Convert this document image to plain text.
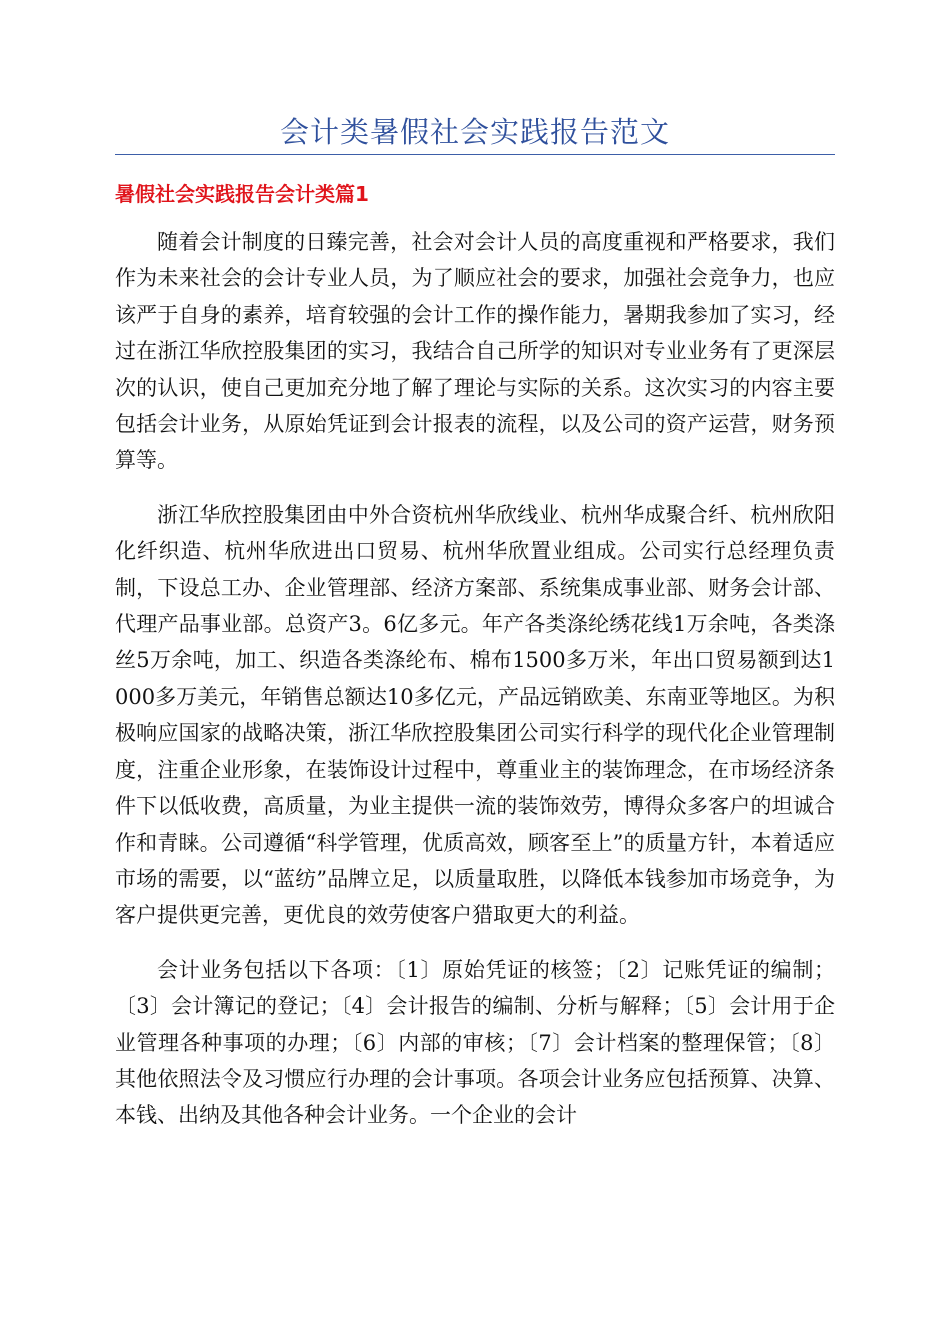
会计类暑假社会实践报告范文
暑假社会实践报告会计类篇1

随着会计制度的日臻完善，社会对会计人员的高度重视和严格要求，我们作为未来社会的会计专业人员，为了顺应社会的要求，加强社会竞争力，也应该严于自身的素养，培育较强的会计工作的操作能力，暑期我参加了实习，经过在浙江华欣控股集团的实习，我结合自己所学的知识对专业业务有了更深层次的认识，使自己更加充分地了解了理论与实际的关系。这次实习的内容主要包括会计业务，从原始凭证到会计报表的流程，以及公司的资产运营，财务预算等。

浙江华欣控股集团由中外合资杭州华欣线业、杭州华成聚合纤、杭州欣阳化纤织造、杭州华欣进出口贸易、杭州华欣置业组成。公司实行总经理负责制，下设总工办、企业管理部、经济方案部、系统集成事业部、财务会计部、代理产品事业部。总资产3。6亿多元。年产各类涤纶绣花线1万余吨，各类涤丝5万余吨，加工、织造各类涤纶布、棉布1500多万米，年出口贸易额到达1000多万美元，年销售总额达10多亿元，产品远销欧美、东南亚等地区。为积极响应国家的战略决策，浙江华欣控股集团公司实行科学的现代化企业管理制度，注重企业形象，在装饰设计过程中，尊重业主的装饰理念，在市场经济条件下以低收费，高质量，为业主提供一流的装饰效劳，博得众多客户的坦诚合作和青睐。公司遵循“科学管理，优质高效，顾客至上”的质量方针，本着适应市场的需要，以“蓝纺”品牌立足，以质量取胜，以降低本钱参加市场竞争，为客户提供更完善，更优良的效劳使客户猎取更大的利益。

会计业务包括以下各项：〔1〕原始凭证的核签；〔2〕记账凭证的编制；〔3〕会计簿记的登记；〔4〕会计报告的编制、分析与解释；〔5〕会计用于企业管理各种事项的办理；〔6〕内部的审核；〔7〕会计档案的整理保管；〔8〕其他依照法令及习惯应行办理的会计事项。各项会计业务应包括预算、决算、本钱、出纳及其他各种会计业务。一个企业的会计
